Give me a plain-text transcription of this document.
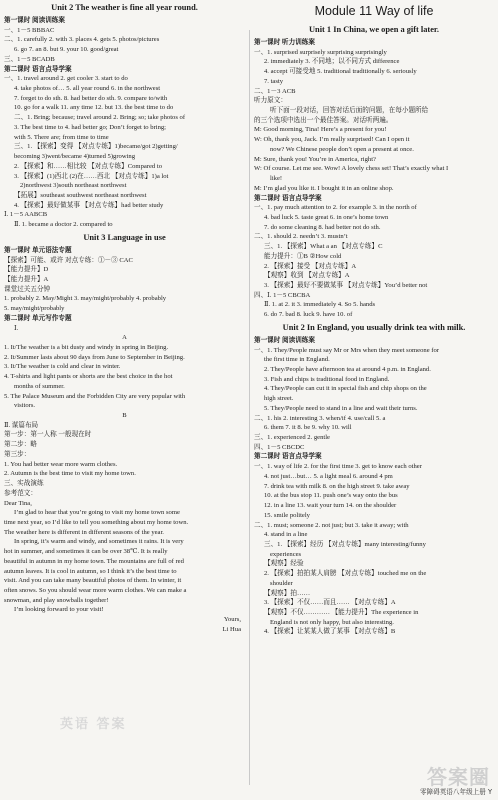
Unit 2 The weather is fine all year round.
第一课时 阅读训练案
一、1－5 BBBAC
二、1. carefully 2. with 3. places 4. gets 5. photos/pictures
6. go 7. an 8. but 9. your 10. good/great
三、1－5 BCADB
第二课时 语言点导学案
一、1. travel around 2. get cooler 3. start to do
4. take photos of… 5. all year round 6. in the northwest
7. forget to do sth. 8. had better do sth. 9. compare to/with
10. go for a walk 11. any time 12. but 13. the best time to do
二、1. Bring; because; travel around 2. Bring; so; take photos of
3. The best time to 4. had better go; Don’t forget to bring;
with 5. There are; from time to time
三、1. 【探索】变得 【对点专练】1)became/got 2)getting/
becoming 3)went/became 4)turned 5)growing
2. 【探索】和……相比较 【对点专练】Compared to
3. 【探索】(1)西北 (2)在……西北 【对点专练】1)a lot
2)northwest 3)south northeast northwest
【拓展】southeast southwest northeast northwest
4. 【探索】最好做某事 【对点专练】had better study
Ⅰ. 1－5 AABCB
Ⅱ. 1. became a doctor 2. compared to
Unit 3 Language in use
第一课时 单元语法专题
【探索】可能、或许 对点专练：①－③ CAC
【能力提升】D
【能力提升】A
课堂过关五分钟
1. probably 2. May/Might 3. may/might/probably 4. probably
5. may/might/probably
第二课时 单元写作专题
Ⅰ.
A
1. It/The weather is a bit dusty and windy in spring in Beijing.
2. It/Summer lasts about 90 days from June to September in Beijing.
3. It/The weather is cold and clear in winter.
4. T-shirts and light pants or shorts are the best choice in the hot
months of summer.
5. The Palace Museum and the Forbidden City are very popular with
visitors.
B
Ⅱ. 谋篇布局
第一步：第一人称 一般现在时
第二步：略
第三步：
1. You had better wear more warm clothes.
2. Autumn is the best time to visit my home town.
三、实战演练
参考范文：
Dear Tina,
I’m glad to hear that you’re going to visit my home town some
time next year, so I’d like to tell you something about my home town.
The weather here is different in different seasons of the year.
In spring, it’s warm and windy, and sometimes it rains. It is very
hot in summer, and sometimes it can be over 38℃. It is really
beautiful in autumn in my home town. The mountains are full of red
autumn leaves. It is cool in autumn, so I think it’s the best time to
visit. And you can take many beautiful photos of them. In winter, it
often snows. So you should wear more warm clothes. We can make a
snowman, and play snowballs together!
I’m looking forward to your visit!
Yours,
Li Hua
Module 11 Way of life
Unit 1 In China, we open a gift later.
第一课时 听力训练案
一、1. surprised surprisely surprising surprisingly
2. immediately 3. 不同地；以不同方式 difference
4. accept 可接受地 5. traditional traditionally 6. seriously
7. tasty
二、1－3 ACB
听力原文：
听下面一段对话，回答对话后面的问题，在每小题所给
的三个选项中选出一个最佳答案。对话听两遍。
M: Good morning, Tina! Here’s a present for you!
W: Oh, thank you, Jack. I’m really surprised! Can I open it
now? We Chinese people don’t open a present at once.
M: Sure, thank you! You’re in America, right?
W: Of course. Let me see. Wow! A lovely chess set! That’s exactly what I
like!
M: I’m glad you like it. I bought it in an online shop.
第二课时 语言点导学案
一、1. pay much attention to 2. for example 3. in the north of
4. bad luck 5. taste great 6. in one’s home town
7. do some cleaning 8. had better not do sth.
二、1. should 2. needn’t 3. mustn’t
三、1. 【探索】What a an 【对点专练】C
能力提升：①B ②How cold
2. 【探索】接受 【对点专练】A
【观察】收到 【对点专练】A
3. 【探索】最好不要做某事 【对点专练】You’d better not
四、Ⅰ. 1－5 CBCBA
Ⅱ. 1. at 2. it 3. immediately 4. So 5. hands
6. do 7. bad 8. luck 9. have 10. of
Unit 2 In England, you usually drink tea with milk.
第一课时 阅读训练案
一、1. They/People must say Mr or Mrs when they meet someone for
the first time in England.
2. They/People have afternoon tea at around 4 p.m. in England.
3. Fish and chips is traditional food in England.
4. They/People can cut it in special fish and chip shops on the
high street.
5. They/People need to stand in a line and wait their turns.
二、1. his 2. interesting 3. when/if 4. use/call 5. a
6. them 7. it 8. be 9. why 10. will
三、1. experienced 2. gentle
四、1－5 CBCDC
第二课时 语言点导学案
一、1. way of life 2. for the first time 3. get to know each other
4. not just…but… 5. a light meal 6. around 4 pm
7. drink tea with milk 8. on the high street 9. take away
10. at the bus stop 11. push one’s way onto the bus
12. in a line 13. wait your turn 14. on the shoulder
15. smile politely
二、1. must; someone 2. not just; but 3. take it away; with
4. stand in a line
三、1. 【探索】经历 【对点专练】many interesting/funny
experiences
【观察】经验
2. 【探索】拍拍某人肩膀 【对点专练】touched me on the
shoulder
【观察】拍……
3. 【探索】不仅……而且…… 【对点专练】A
【观察】不仅………… 【能力提升】The experience in
England is not only happy, but also interesting.
4. 【探索】让某某人做了某事 【对点专练】B
英语 答案
答案圈
零障碍英语八年级上册 Y
